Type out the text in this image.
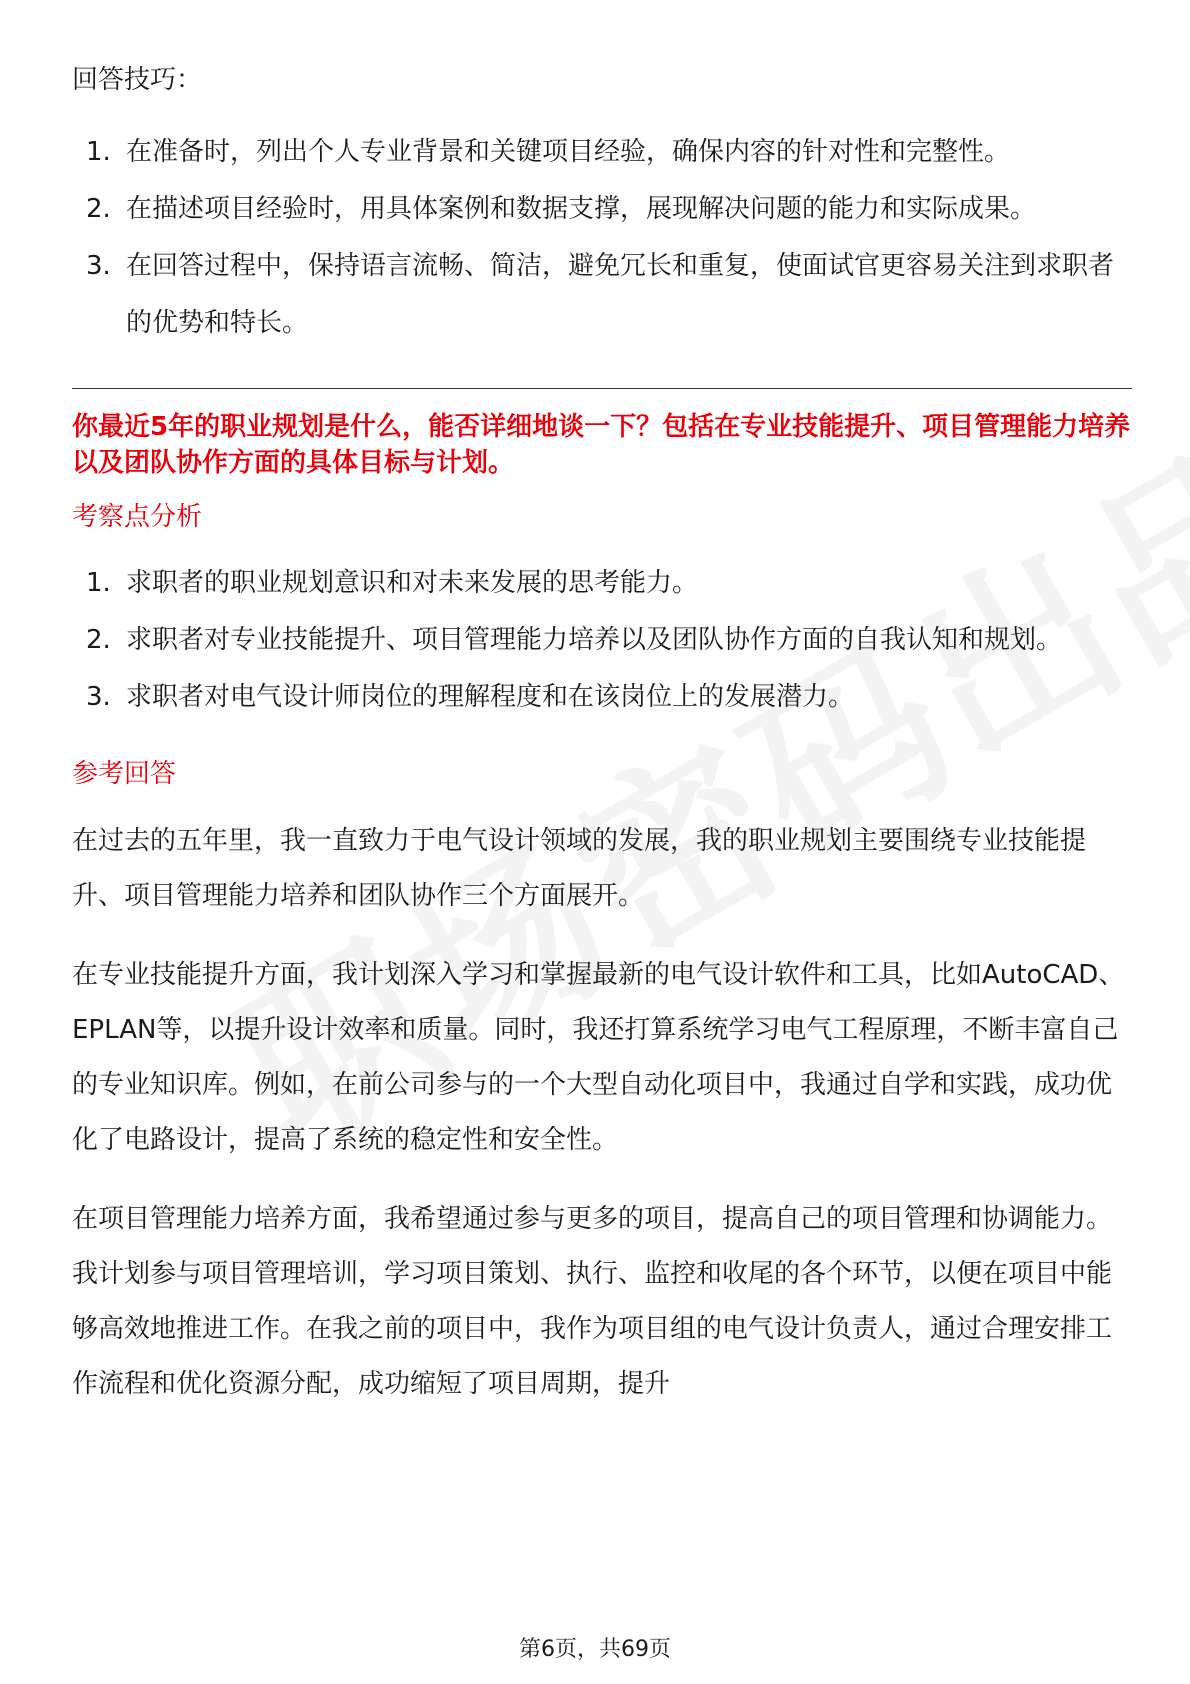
回答技巧：

1. 在准备时，列出个人专业背景和关键项目经验，确保内容的针对性和完整性。
2. 在描述项目经验时，用具体案例和数据支撑，展现解决问题的能力和实际成果。
3. 在回答过程中，保持语言流畅、简洁，避免冗长和重复，使面试官更容易关注到求职者的优势和特长。
你最近5年的职业规划是什么，能否详细地谈一下？包括在专业技能提升、项目管理能力培养以及团队协作方面的具体目标与计划。
考察点分析
1. 求职者的职业规划意识和对未来发展的思考能力。
2. 求职者对专业技能提升、项目管理能力培养以及团队协作方面的自我认知和规划。
3. 求职者对电气设计师岗位的理解程度和在该岗位上的发展潜力。
参考回答
在过去的五年里，我一直致力于电气设计领域的发展，我的职业规划主要围绕专业技能提升、项目管理能力培养和团队协作三个方面展开。
在专业技能提升方面，我计划深入学习和掌握最新的电气设计软件和工具，比如AutoCAD、EPLAN等，以提升设计效率和质量。同时，我还打算系统学习电气工程原理，不断丰富自己的专业知识库。例如，在前公司参与的一个大型自动化项目中，我通过自学和实践，成功优化了电路设计，提高了系统的稳定性和安全性。
在项目管理能力培养方面，我希望通过参与更多的项目，提高自己的项目管理和协调能力。我计划参与项目管理培训，学习项目策划、执行、监控和收尾的各个环节，以便在项目中能够高效地推进工作。在我之前的项目中，我作为项目组的电气设计负责人，通过合理安排工作流程和优化资源分配，成功缩短了项目周期，提升
第6页，共69页
